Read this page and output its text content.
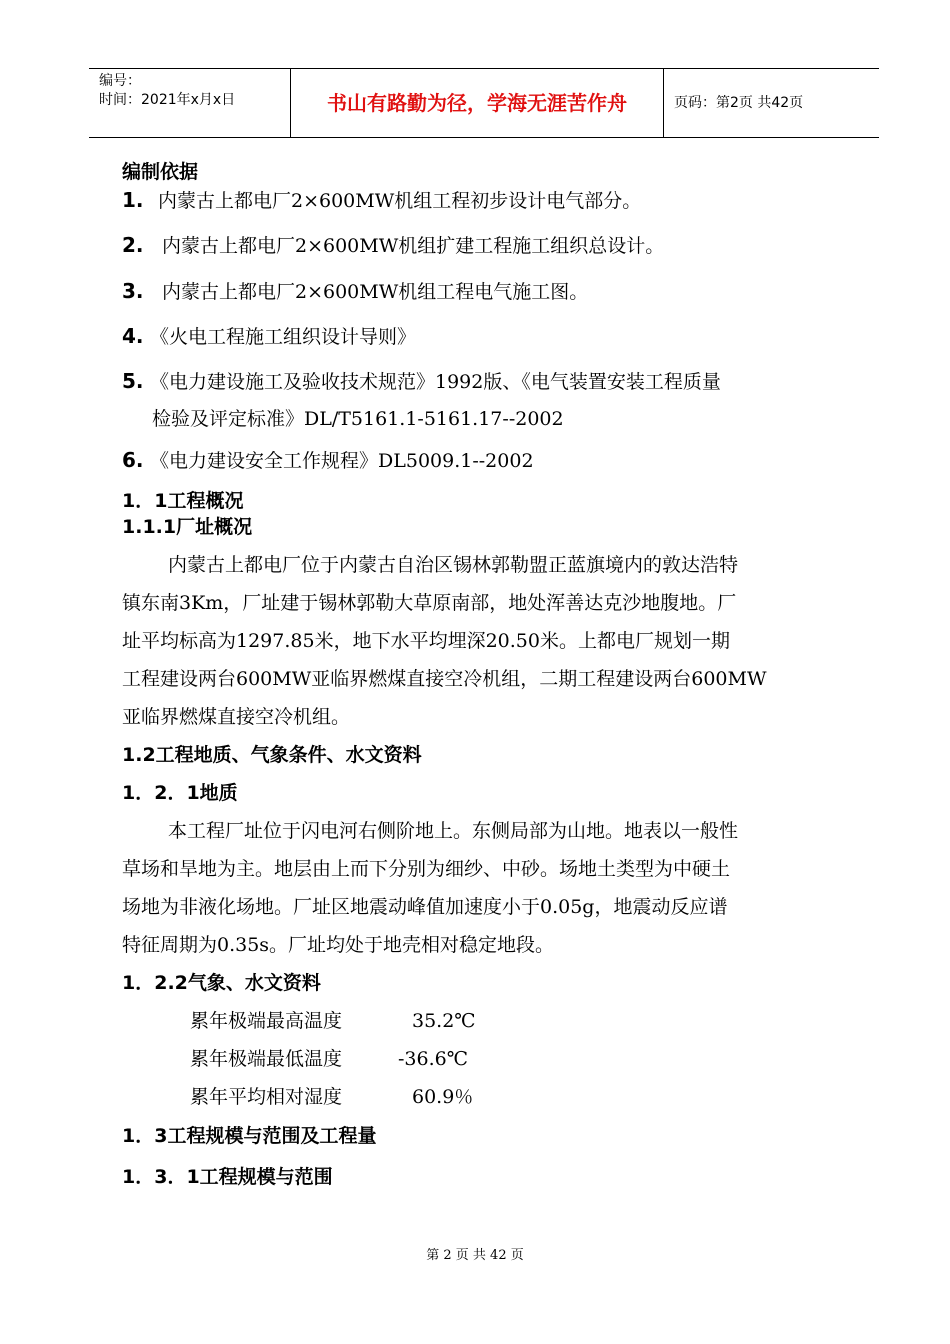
编号：
时间：2021年x月x日	书山有路勤为径，学海无涯苦作舟	页码：第2页 共42页
编制依据
1. 内蒙古上都电厂2×600MW机组工程初步设计电气部分。
2. 内蒙古上都电厂2×600MW机组扩建工程施工组织总设计。
3. 内蒙古上都电厂2×600MW机组工程电气施工图。
4. 《火电工程施工组织设计导则》
5. 《电力建设施工及验收技术规范》1992版、《电气装置安装工程质量
检验及评定标准》DL/T5161.1-5161.17--2002
6. 《电力建设安全工作规程》DL5009.1--2002
1．1工程概况
1.1.1厂址概况
内蒙古上都电厂位于内蒙古自治区锡林郭勒盟正蓝旗境内的敦达浩特
镇东南3Km，厂址建于锡林郭勒大草原南部，地处浑善达克沙地腹地。厂
址平均标高为1297.85米，地下水平均埋深20.50米。上都电厂规划一期
工程建设两台600MW亚临界燃煤直接空冷机组，二期工程建设两台600MW
亚临界燃煤直接空冷机组。
1.2工程地质、气象条件、水文资料
1．2．1地质
本工程厂址位于闪电河右侧阶地上。东侧局部为山地。地表以一般性
草场和旱地为主。地层由上而下分别为细纱、中砂。场地土类型为中硬土
场地为非液化场地。厂址区地震动峰值加速度小于0.05g，地震动反应谱
特征周期为0.35s。厂址均处于地壳相对稳定地段。
1．2.2气象、水文资料
累年极端最高温度	35.2℃
累年极端最低温度	-36.6℃
累年平均相对湿度	60.9％
1．3工程规模与范围及工程量
1．3．1工程规模与范围
第 2 页 共 42 页
